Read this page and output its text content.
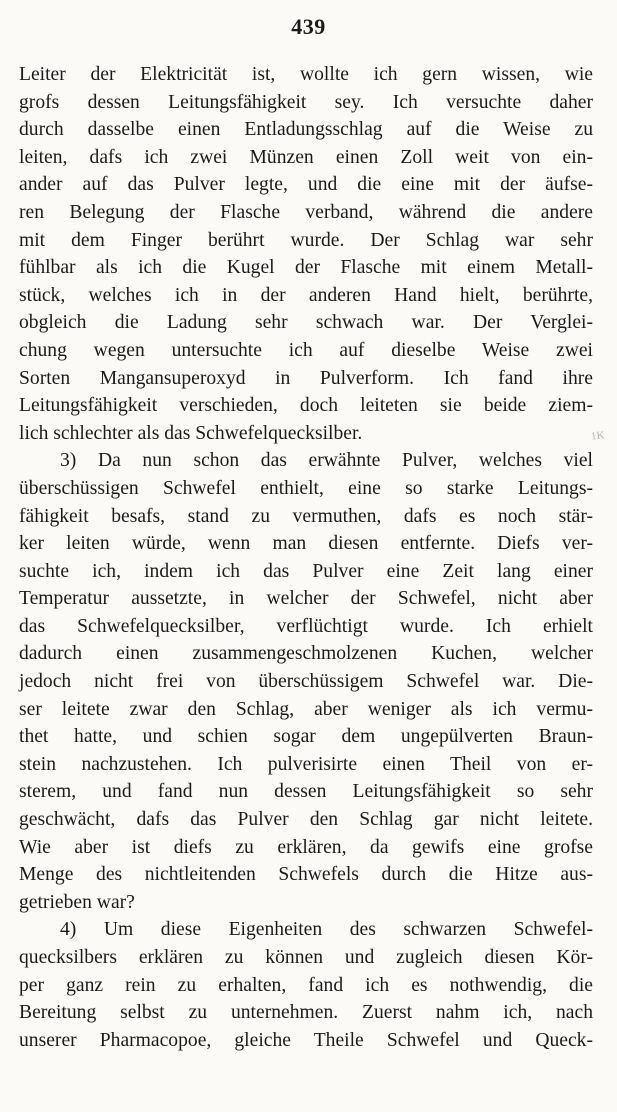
439
1K
Leiter der Elektricität ist, wollte ich gern wissen, wie
grofs dessen Leitungsfähigkeit sey. Ich versuchte daher
durch dasselbe einen Entladungsschlag auf die Weise zu
leiten, dafs ich zwei Münzen einen Zoll weit von ein-
ander auf das Pulver legte, und die eine mit der äufse-
ren Belegung der Flasche verband, während die andere
mit dem Finger berührt wurde. Der Schlag war sehr
fühlbar als ich die Kugel der Flasche mit einem Metall-
stück, welches ich in der anderen Hand hielt, berührte,
obgleich die Ladung sehr schwach war. Der Verglei-
chung wegen untersuchte ich auf dieselbe Weise zwei
Sorten Mangansuperoxyd in Pulverform. Ich fand ihre
Leitungsfähigkeit verschieden, doch leiteten sie beide ziem-
lich schlechter als das Schwefelquecksilber.
3) Da nun schon das erwähnte Pulver, welches viel
überschüssigen Schwefel enthielt, eine so starke Leitungs-
fähigkeit besafs, stand zu vermuthen, dafs es noch stär-
ker leiten würde, wenn man diesen entfernte. Diefs ver-
suchte ich, indem ich das Pulver eine Zeit lang einer
Temperatur aussetzte, in welcher der Schwefel, nicht aber
das Schwefelquecksilber, verflüchtigt wurde. Ich erhielt
dadurch einen zusammengeschmolzenen Kuchen, welcher
jedoch nicht frei von überschüssigem Schwefel war. Die-
ser leitete zwar den Schlag, aber weniger als ich vermu-
thet hatte, und schien sogar dem ungepülverten Braun-
stein nachzustehen. Ich pulverisirte einen Theil von er-
sterem, und fand nun dessen Leitungsfähigkeit so sehr
geschwächt, dafs das Pulver den Schlag gar nicht leitete.
Wie aber ist diefs zu erklären, da gewifs eine grofse
Menge des nichtleitenden Schwefels durch die Hitze aus-
getrieben war?
4) Um diese Eigenheiten des schwarzen Schwefel-
quecksilbers erklären zu können und zugleich diesen Kör-
per ganz rein zu erhalten, fand ich es nothwendig, die
Bereitung selbst zu unternehmen. Zuerst nahm ich, nach
unserer Pharmacopoe, gleiche Theile Schwefel und Queck-
